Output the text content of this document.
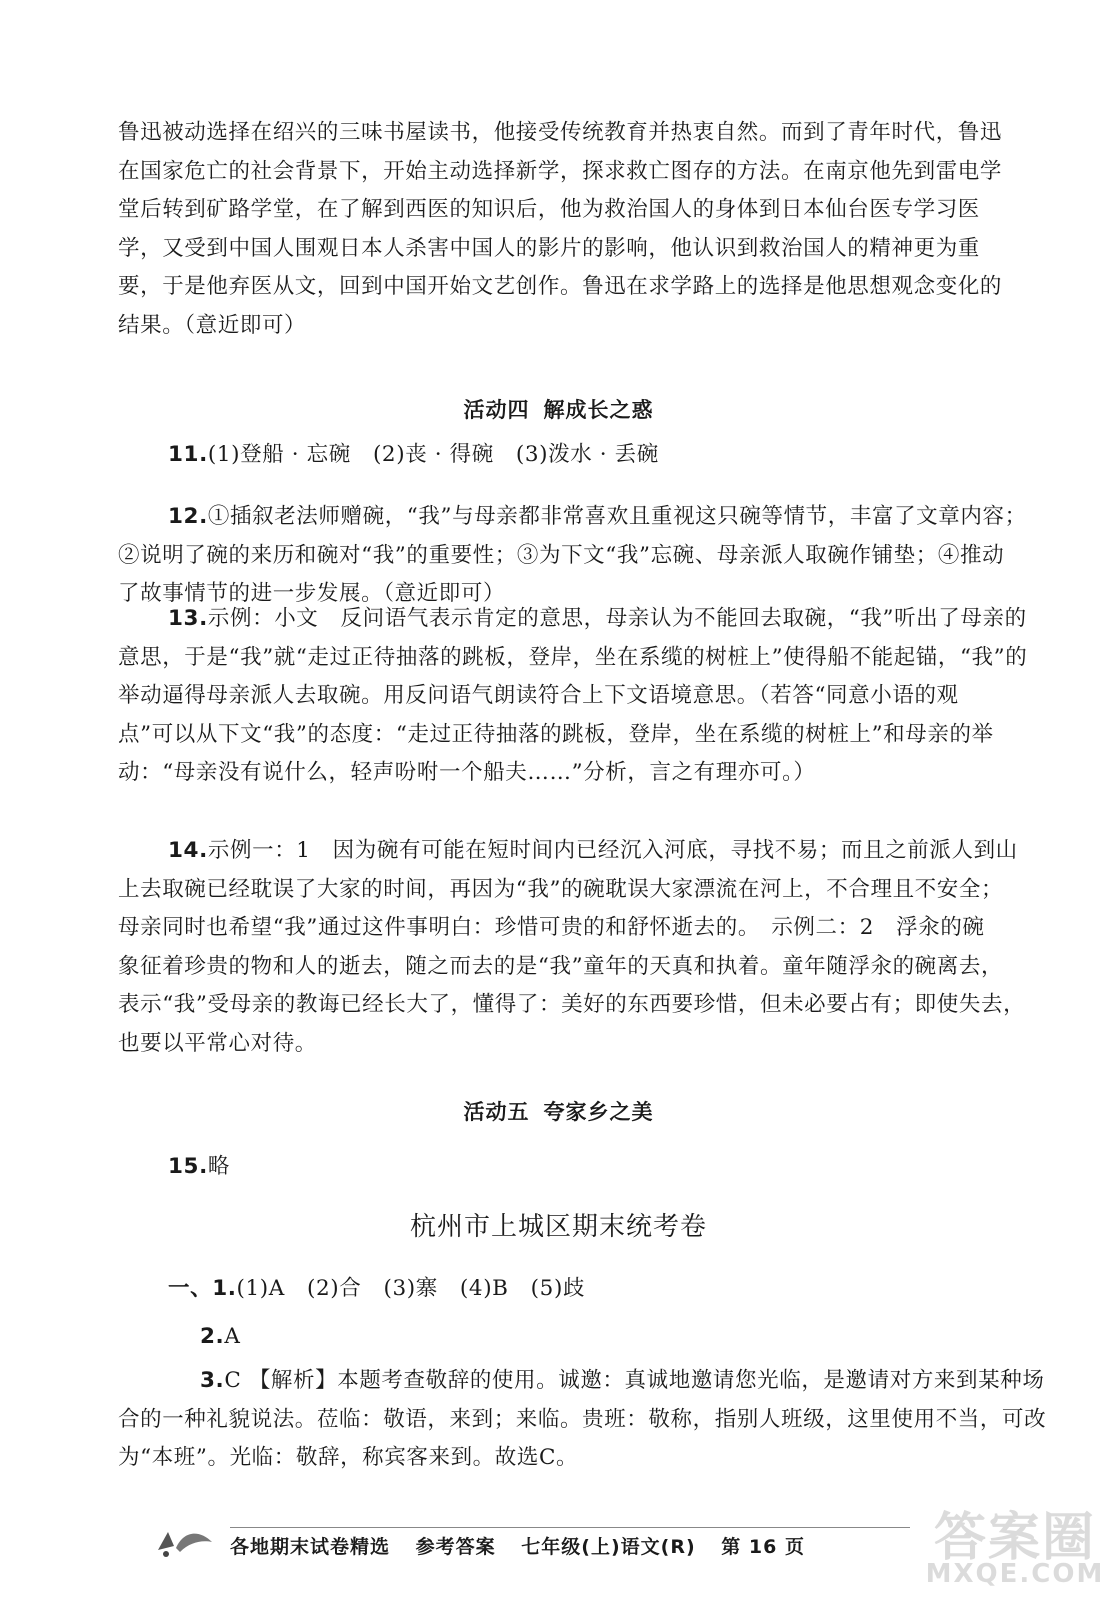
鲁迅被动选择在绍兴的三味书屋读书，他接受传统教育并热衷自然。而到了青年时代，鲁迅
在国家危亡的社会背景下，开始主动选择新学，探求救亡图存的方法。在南京他先到雷电学
堂后转到矿路学堂，在了解到西医的知识后，他为救治国人的身体到日本仙台医专学习医
学，又受到中国人围观日本人杀害中国人的影片的影响，他认识到救治国人的精神更为重
要，于是他弃医从文，回到中国开始文艺创作。鲁迅在求学路上的选择是他思想观念变化的
结果。（意近即可）
活动四 解成长之惑
11.(1)登船 · 忘碗　(2)丧 · 得碗　(3)泼水 · 丢碗
12.①插叙老法师赠碗，“我”与母亲都非常喜欢且重视这只碗等情节，丰富了文章内容；
②说明了碗的来历和碗对“我”的重要性；③为下文“我”忘碗、母亲派人取碗作铺垫；④推动
了故事情节的进一步发展。（意近即可）
13.示例：小文　反问语气表示肯定的意思，母亲认为不能回去取碗，“我”听出了母亲的
意思，于是“我”就“走过正待抽落的跳板，登岸，坐在系缆的树桩上”使得船不能起锚，“我”的
举动逼得母亲派人去取碗。用反问语气朗读符合上下文语境意思。（若答“同意小语的观
点”可以从下文“我”的态度：“走过正待抽落的跳板，登岸，坐在系缆的树桩上”和母亲的举
动：“母亲没有说什么，轻声吩咐一个船夫……”分析，言之有理亦可。）
14.示例一：1　因为碗有可能在短时间内已经沉入河底，寻找不易；而且之前派人到山
上去取碗已经耽误了大家的时间，再因为“我”的碗耽误大家漂流在河上，不合理且不安全；
母亲同时也希望“我”通过这件事明白：珍惜可贵的和舒怀逝去的。　示例二：2　浮汆的碗
象征着珍贵的物和人的逝去，随之而去的是“我”童年的天真和执着。童年随浮汆的碗离去，
表示“我”受母亲的教诲已经长大了，懂得了：美好的东西要珍惜，但未必要占有；即使失去，
也要以平常心对待。
活动五 夸家乡之美
15.略
杭州市上城区期末统考卷
一、1.(1)A　(2)合　(3)寨　(4)B　(5)歧
2.A
3.C 【解析】本题考查敬辞的使用。诚邀：真诚地邀请您光临，是邀请对方来到某种场
合的一种礼貌说法。莅临：敬语，来到；来临。贵班：敬称，指别人班级，这里使用不当，可改
为“本班”。光临：敬辞，称宾客来到。故选C。
各地期末试卷精选 参考答案 七年级(上)语文(R) 第 16 页	答案圈
MXQE.COM
